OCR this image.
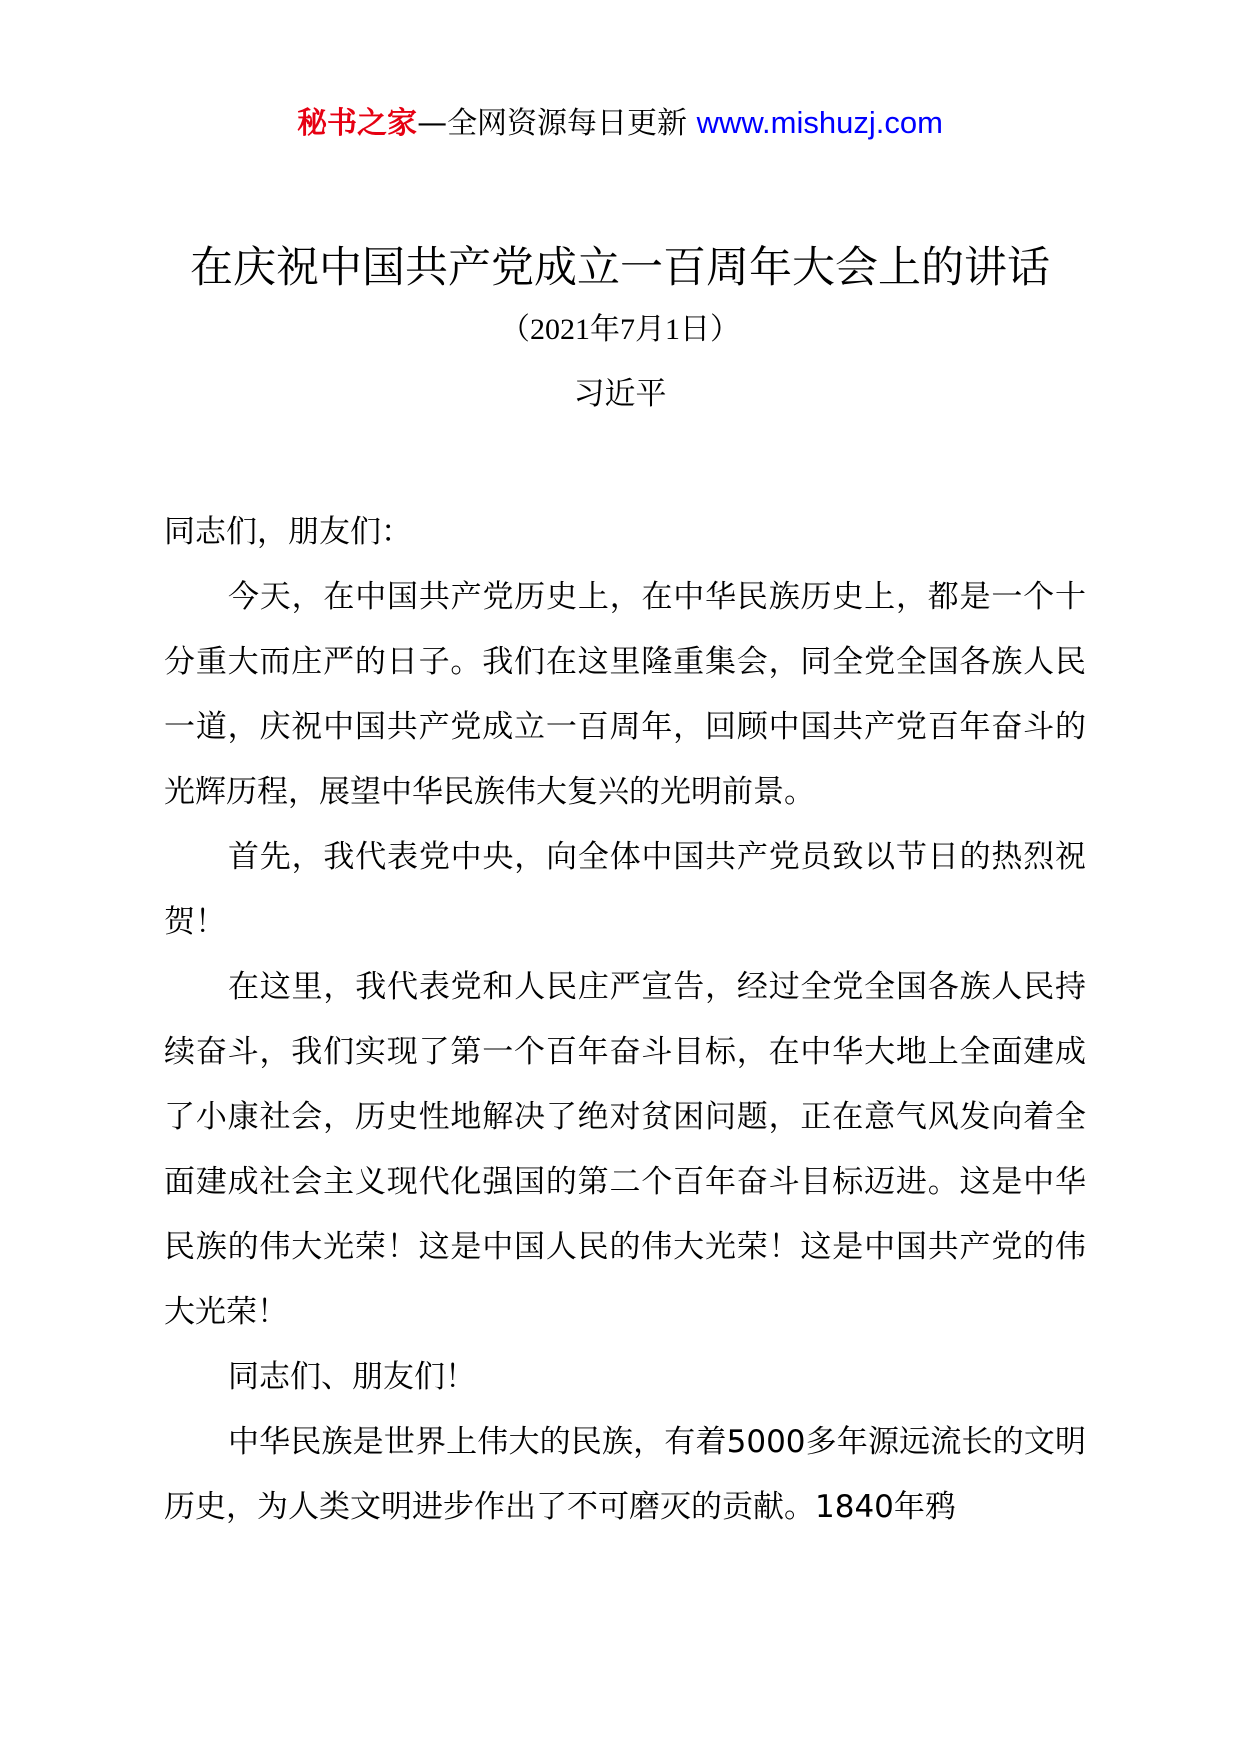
秘书之家—全网资源每日更新 www.mishuzj.com
在庆祝中国共产党成立一百周年大会上的讲话
（2021年7月1日）
习近平

同志们，朋友们：

今天，在中国共产党历史上，在中华民族历史上，都是一个十分重大而庄严的日子。我们在这里隆重集会，同全党全国各族人民一道，庆祝中国共产党成立一百周年，回顾中国共产党百年奋斗的光辉历程，展望中华民族伟大复兴的光明前景。

首先，我代表党中央，向全体中国共产党员致以节日的热烈祝贺！

在这里，我代表党和人民庄严宣告，经过全党全国各族人民持续奋斗，我们实现了第一个百年奋斗目标，在中华大地上全面建成了小康社会，历史性地解决了绝对贫困问题，正在意气风发向着全面建成社会主义现代化强国的第二个百年奋斗目标迈进。这是中华民族的伟大光荣！这是中国人民的伟大光荣！这是中国共产党的伟大光荣！

同志们、朋友们！

中华民族是世界上伟大的民族，有着5000多年源远流长的文明历史，为人类文明进步作出了不可磨灭的贡献。1840年鸦
